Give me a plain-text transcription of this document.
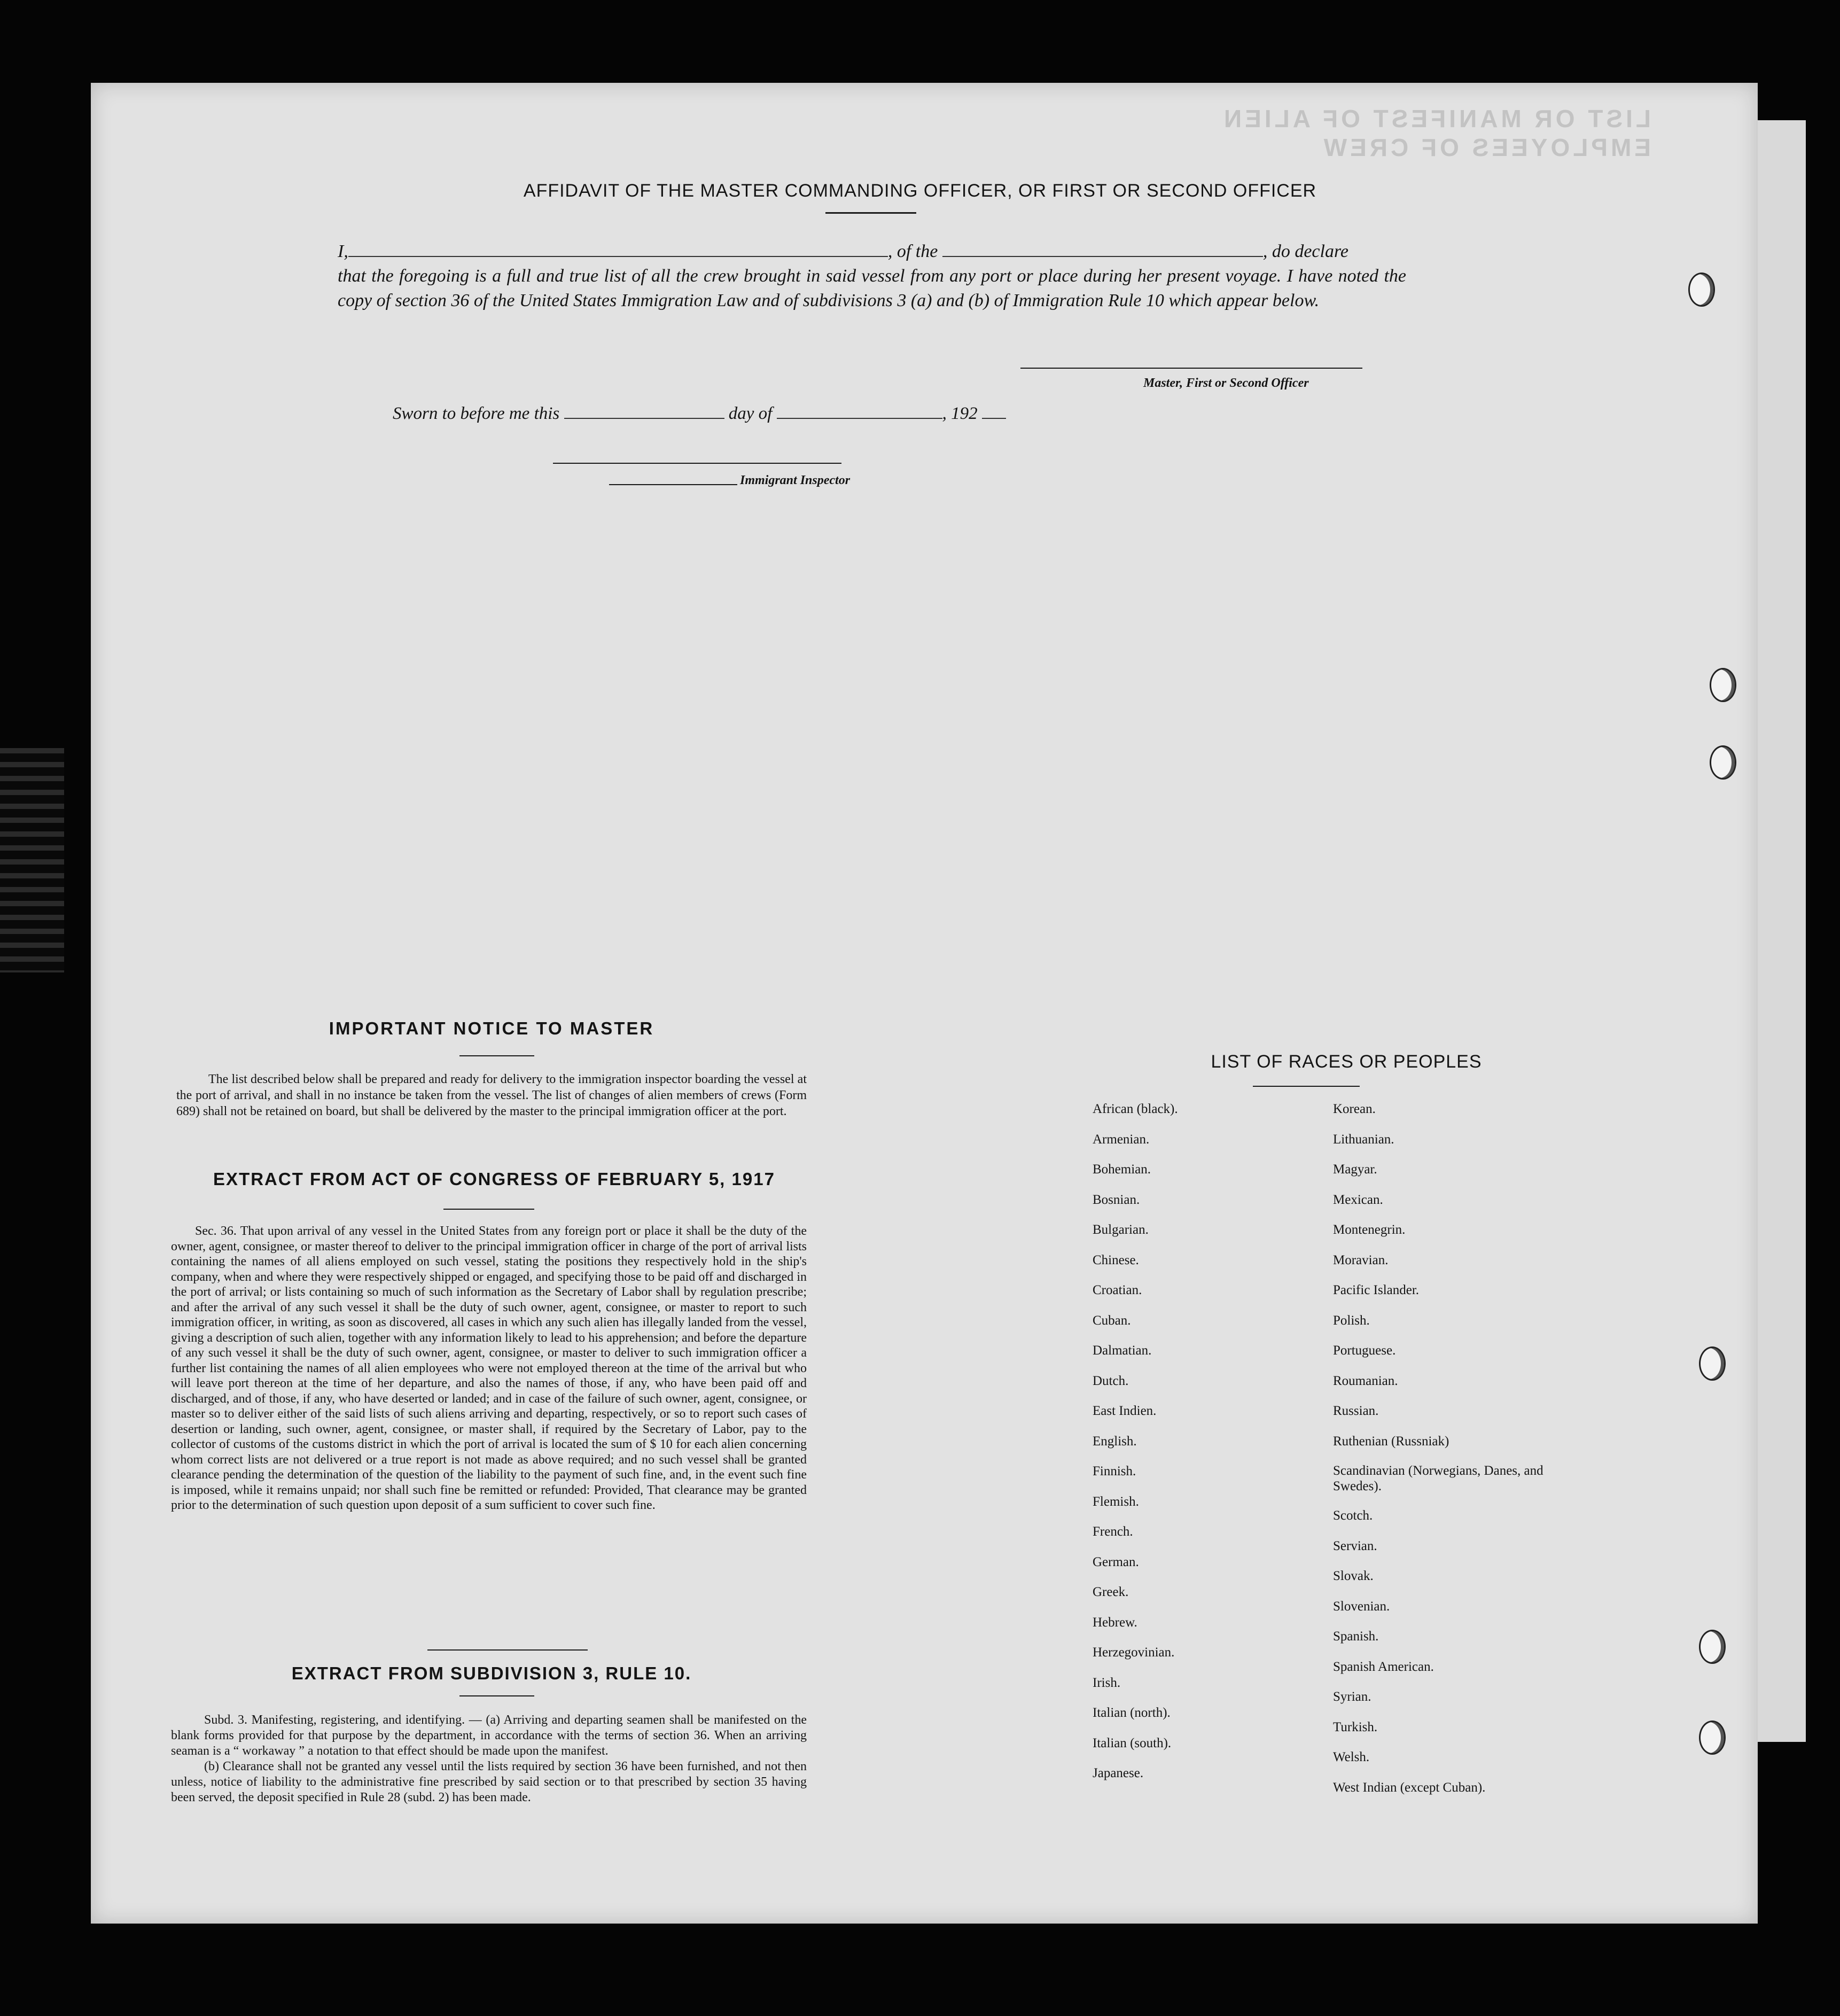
LIST OR MANIFEST OF ALIEN EMPLOYEES OF CREW
AFFIDAVIT OF THE MASTER COMMANDING OFFICER, OR FIRST OR SECOND OFFICER
I,	, of the	, do declare
that the foregoing is a full and true list of all the crew brought in said vessel from any port or place during her present voyage. I have noted the copy of section 36 of the United States Immigration Law and of subdivisions 3 (a) and (b) of Immigration Rule 10 which appear below.
Master, First or Second Officer
Sworn to before me this	day of	, 192
Immigrant Inspector
IMPORTANT NOTICE TO MASTER
The list described below shall be prepared and ready for delivery to the immigration inspector boarding the vessel at the port of arrival, and shall in no instance be taken from the vessel. The list of changes of alien members of crews (Form 689) shall not be retained on board, but shall be delivered by the master to the principal immigration officer at the port.
EXTRACT FROM ACT OF CONGRESS OF FEBRUARY 5, 1917
Sec. 36. That upon arrival of any vessel in the United States from any foreign port or place it shall be the duty of the owner, agent, consignee, or master thereof to deliver to the principal immigration officer in charge of the port of arrival lists containing the names of all aliens employed on such vessel, stating the positions they respectively hold in the ship's company, when and where they were respectively shipped or engaged, and specifying those to be paid off and discharged in the port of arrival; or lists containing so much of such information as the Secretary of Labor shall by regulation prescribe; and after the arrival of any such vessel it shall be the duty of such owner, agent, consignee, or master to report to such immigration officer, in writing, as soon as discovered, all cases in which any such alien has illegally landed from the vessel, giving a description of such alien, together with any information likely to lead to his apprehension; and before the departure of any such vessel it shall be the duty of such owner, agent, consignee, or master to deliver to such immigration officer a further list containing the names of all alien employees who were not employed thereon at the time of the arrival but who will leave port thereon at the time of her departure, and also the names of those, if any, who have been paid off and discharged, and of those, if any, who have deserted or landed; and in case of the failure of such owner, agent, consignee, or master so to deliver either of the said lists of such aliens arriving and departing, respectively, or so to report such cases of desertion or landing, such owner, agent, consignee, or master shall, if required by the Secretary of Labor, pay to the collector of customs of the customs district in which the port of arrival is located the sum of $ 10 for each alien concerning whom correct lists are not delivered or a true report is not made as above required; and no such vessel shall be granted clearance pending the determination of the question of the liability to the payment of such fine, and, in the event such fine is imposed, while it remains unpaid; nor shall such fine be remitted or refunded: Provided, That clearance may be granted prior to the determination of such question upon deposit of a sum sufficient to cover such fine.
EXTRACT FROM SUBDIVISION 3, RULE 10.

Subd. 3. Manifesting, registering, and identifying. — (a) Arriving and departing seamen shall be manifested on the blank forms provided for that purpose by the department, in accordance with the terms of section 36. When an arriving seaman is a “ workaway ” a notation to that effect should be made upon the manifest.

(b) Clearance shall not be granted any vessel until the lists required by section 36 have been furnished, and not then unless, notice of liability to the administrative fine prescribed by said section or to that prescribed by section 35 having been served, the deposit specified in Rule 28 (subd. 2) has been made.

LIST OF RACES OR PEOPLES
African (black).
Armenian.
Bohemian.
Bosnian.
Bulgarian.
Chinese.
Croatian.
Cuban.
Dalmatian.
Dutch.
East Indien.
English.
Finnish.
Flemish.
French.
German.
Greek.
Hebrew.
Herzegovinian.
Irish.
Italian (north).
Italian (south).
Japanese.
Korean.
Lithuanian.
Magyar.
Mexican.
Montenegrin.
Moravian.
Pacific Islander.
Polish.
Portuguese.
Roumanian.
Russian.
Ruthenian (Russniak)
Scandinavian (Norwegians, Danes, and Swedes).
Scotch.
Servian.
Slovak.
Slovenian.
Spanish.
Spanish American.
Syrian.
Turkish.
Welsh.
West Indian (except Cuban).
